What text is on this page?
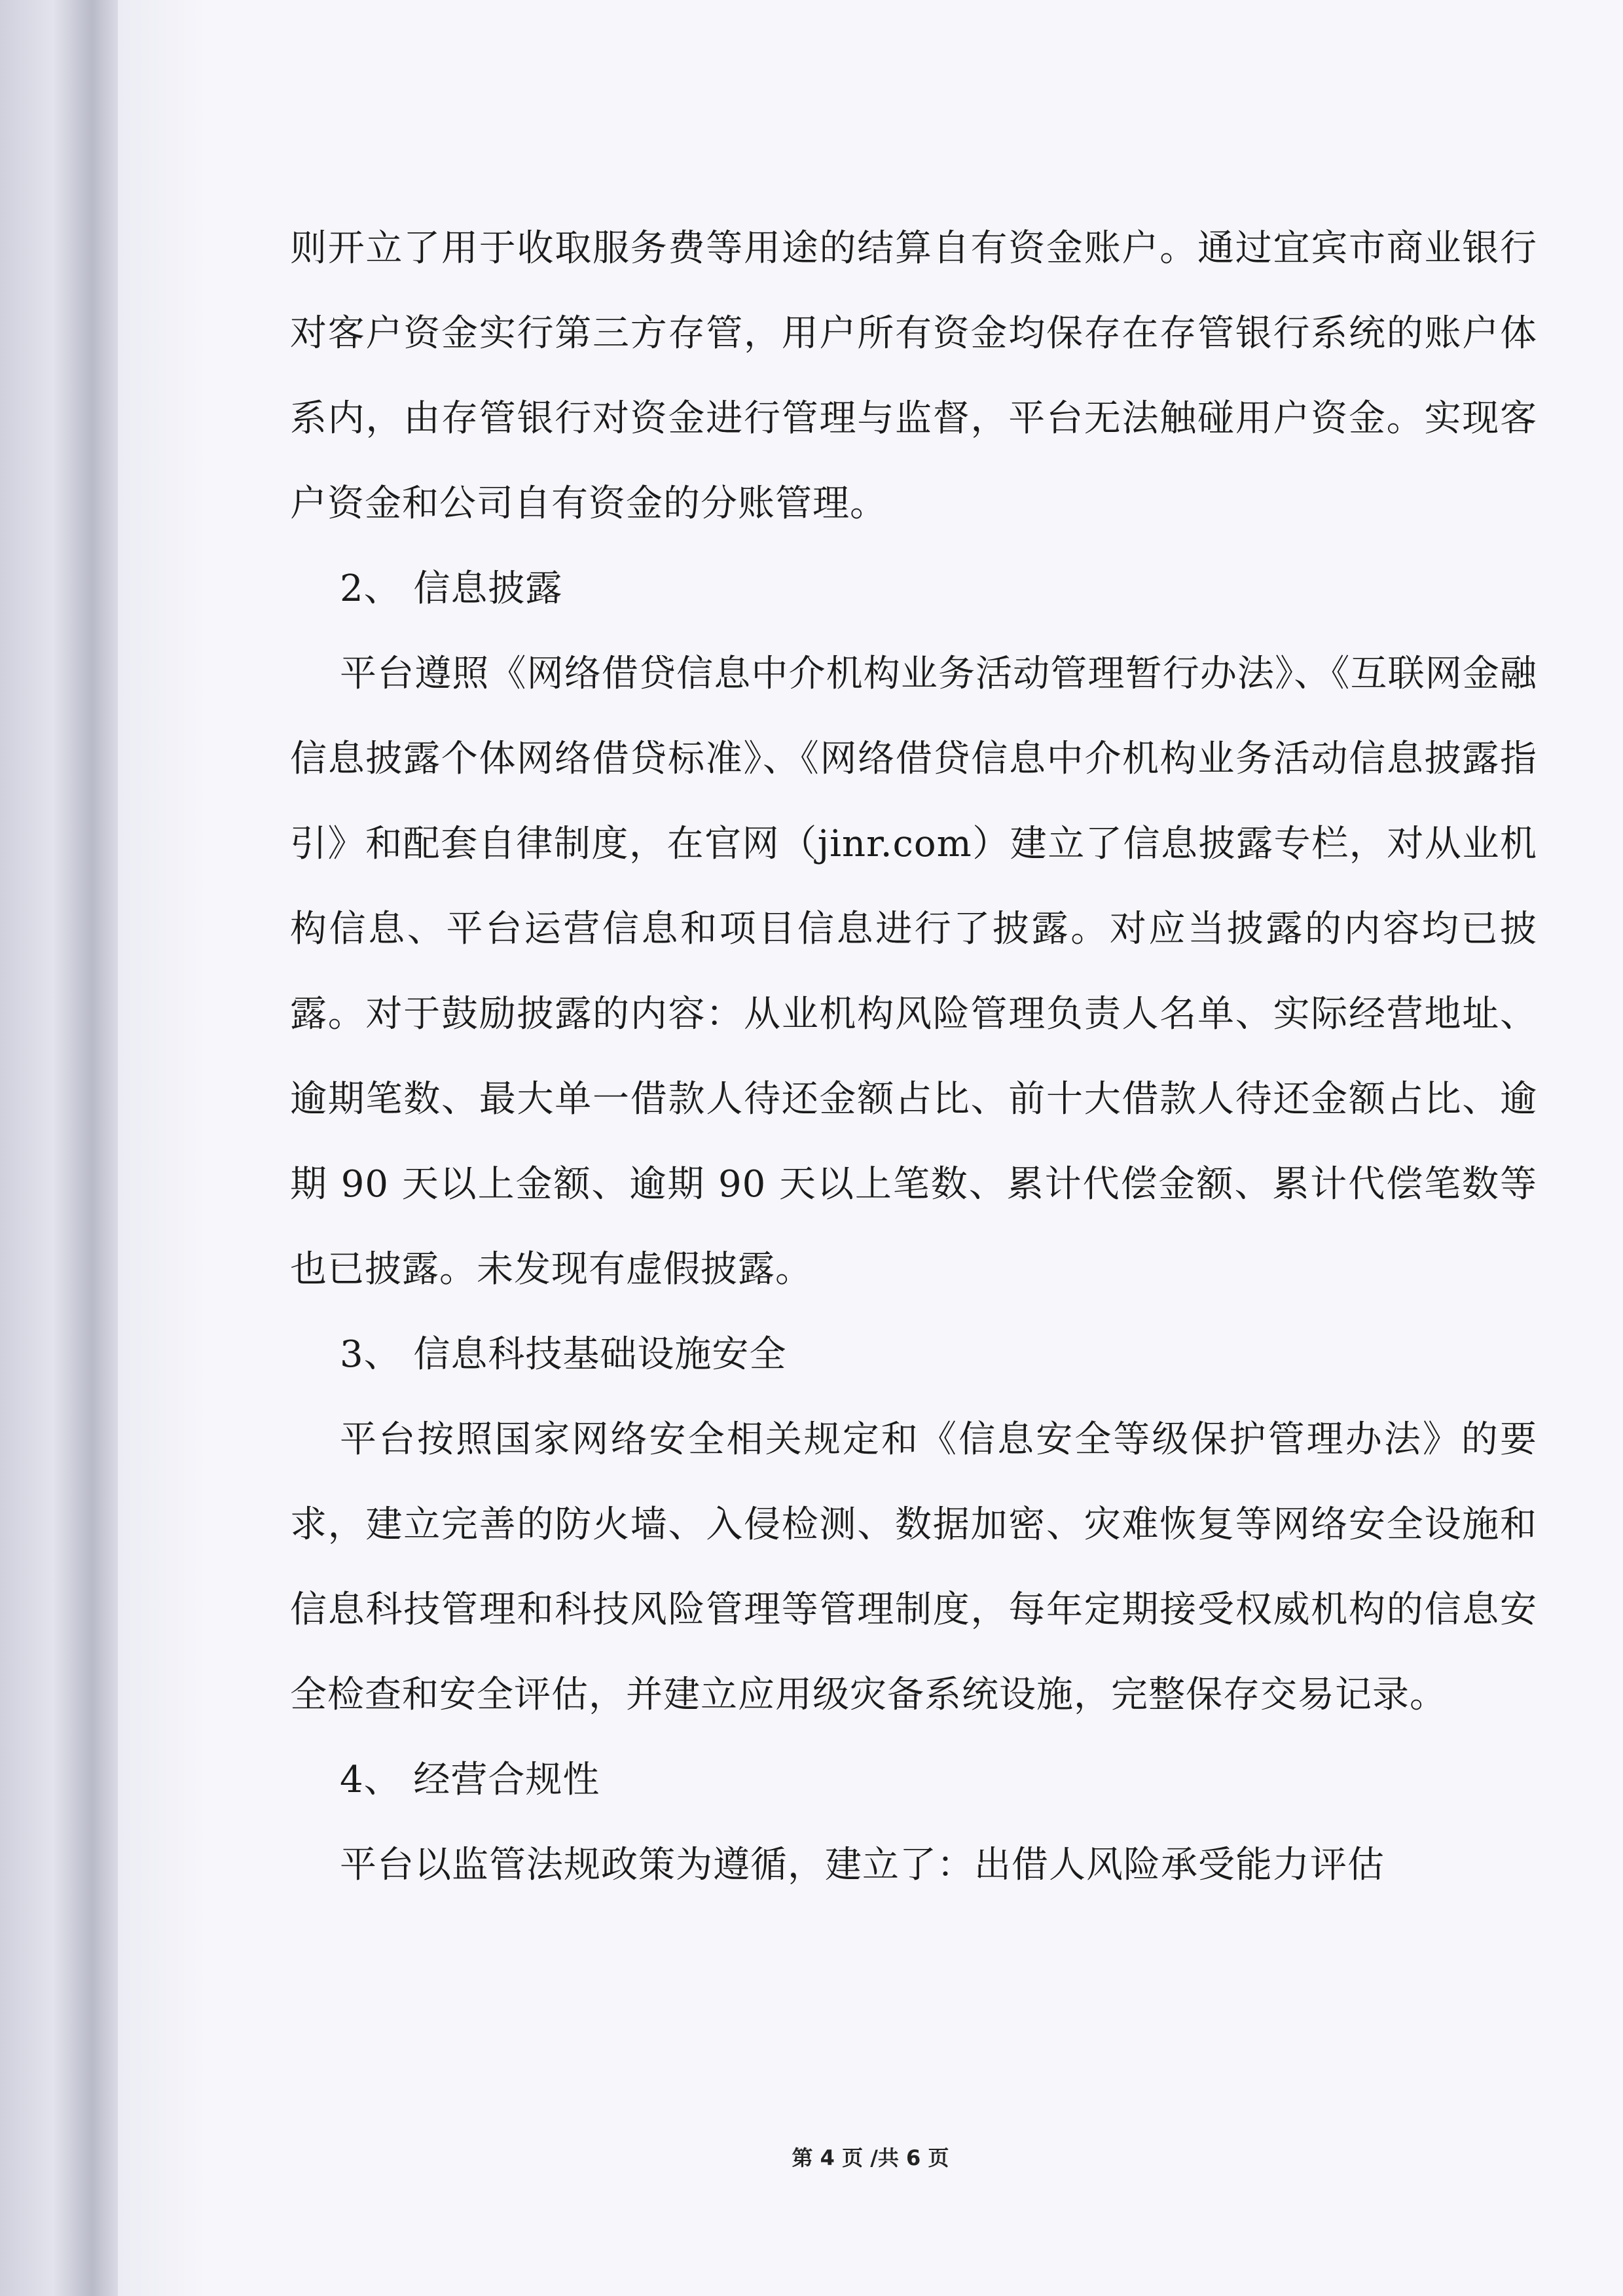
则开立了用于收取服务费等用途的结算自有资金账户。通过宜宾市商业银行对客户资金实行第三方存管，用户所有资金均保存在存管银行系统的账户体系内，由存管银行对资金进行管理与监督，平台无法触碰用户资金。实现客户资金和公司自有资金的分账管理。

2、 信息披露

平台遵照《网络借贷信息中介机构业务活动管理暂行办法》、《互联网金融信息披露个体网络借贷标准》、《网络借贷信息中介机构业务活动信息披露指引》和配套自律制度，在官网（jinr.com）建立了信息披露专栏，对从业机构信息、平台运营信息和项目信息进行了披露。对应当披露的内容均已披露。对于鼓励披露的内容：从业机构风险管理负责人名单、实际经营地址、逾期笔数、最大单一借款人待还金额占比、前十大借款人待还金额占比、逾期 90 天以上金额、逾期 90 天以上笔数、累计代偿金额、累计代偿笔数等也已披露。未发现有虚假披露。

3、 信息科技基础设施安全

平台按照国家网络安全相关规定和《信息安全等级保护管理办法》的要求，建立完善的防火墙、入侵检测、数据加密、灾难恢复等网络安全设施和信息科技管理和科技风险管理等管理制度，每年定期接受权威机构的信息安全检查和安全评估，并建立应用级灾备系统设施，完整保存交易记录。

4、 经营合规性

平台以监管法规政策为遵循，建立了：出借人风险承受能力评估

第 4 页 /共 6 页
